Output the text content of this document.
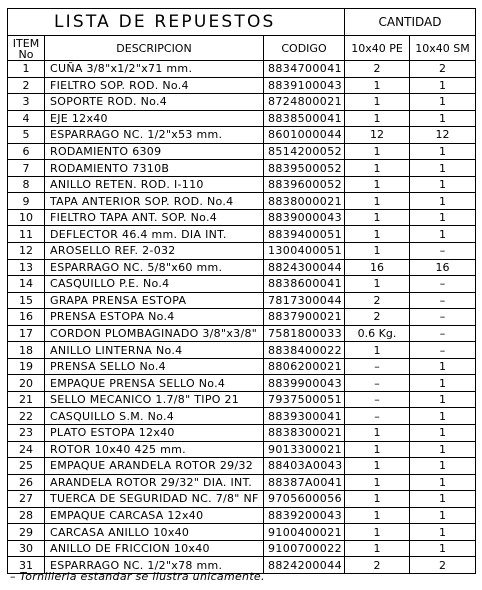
LISTA DE REPUESTOS			CANTIDAD	

ITEM
No	DESCRIPCION	CODIGO	10x40 PE	10x40 SM
1	CUÑA 3/8"x1/2"x71 mm.	8834700041	2	2
2	FIELTRO SOP. ROD. No.4	8839100043	1	1
3	SOPORTE ROD. No.4	8724800021	1	1
4	EJE 12x40	8838500041	1	1
5	ESPARRAGO NC. 1/2"x53 mm.	8601000044	12	12
6	RODAMIENTO 6309	8514200052	1	1
7	RODAMIENTO 7310B	8839500052	1	1
8	ANILLO RETEN. ROD. I-110	8839600052	1	1
9	TAPA ANTERIOR SOP. ROD. No.4	8838000021	1	1
10	FIELTRO TAPA ANT. SOP. No.4	8839000043	1	1
11	DEFLECTOR 46.4 mm. DIA INT.	8839400051	1	1
12	AROSELLO REF. 2-032	1300400051	1	–
13	ESPARRAGO NC. 5/8"x60 mm.	8824300044	16	16
14	CASQUILLO P.E. No.4	8838600041	1	–
15	GRAPA PRENSA ESTOPA	7817300044	2	–
16	PRENSA ESTOPA No.4	8837900021	2	–
17	CORDON PLOMBAGINADO 3/8"x3/8"	7581800033	0.6 Kg.	–
18	ANILLO LINTERNA No.4	8838400022	1	–
19	PRENSA SELLO No.4	8806200021	–	1
20	EMPAQUE PRENSA SELLO No.4	8839900043	–	1
21	SELLO MECANICO 1.7/8" TIPO 21	7937500051	–	1
22	CASQUILLO S.M. No.4	8839300041	–	1
23	PLATO ESTOPA 12x40	8838300021	1	1
24	ROTOR 10x40 425 mm.	9013300021	1	1
25	EMPAQUE ARANDELA ROTOR 29/32	88403A0043	1	1
26	ARANDELA ROTOR 29/32" DIA. INT.	88387A0041	1	1
27	TUERCA DE SEGURIDAD NC. 7/8" NF	9705600056	1	1
28	EMPAQUE CARCASA 12x40	8839200043	1	1
29	CARCASA ANILLO 10x40	9100400021	1	1
30	ANILLO DE FRICCION 10x40	9100700022	1	1
31	ESPARRAGO NC. 1/2"x78 mm.	8824200044	2	2
– Tornilleria estandar se ilustra unicamente.
